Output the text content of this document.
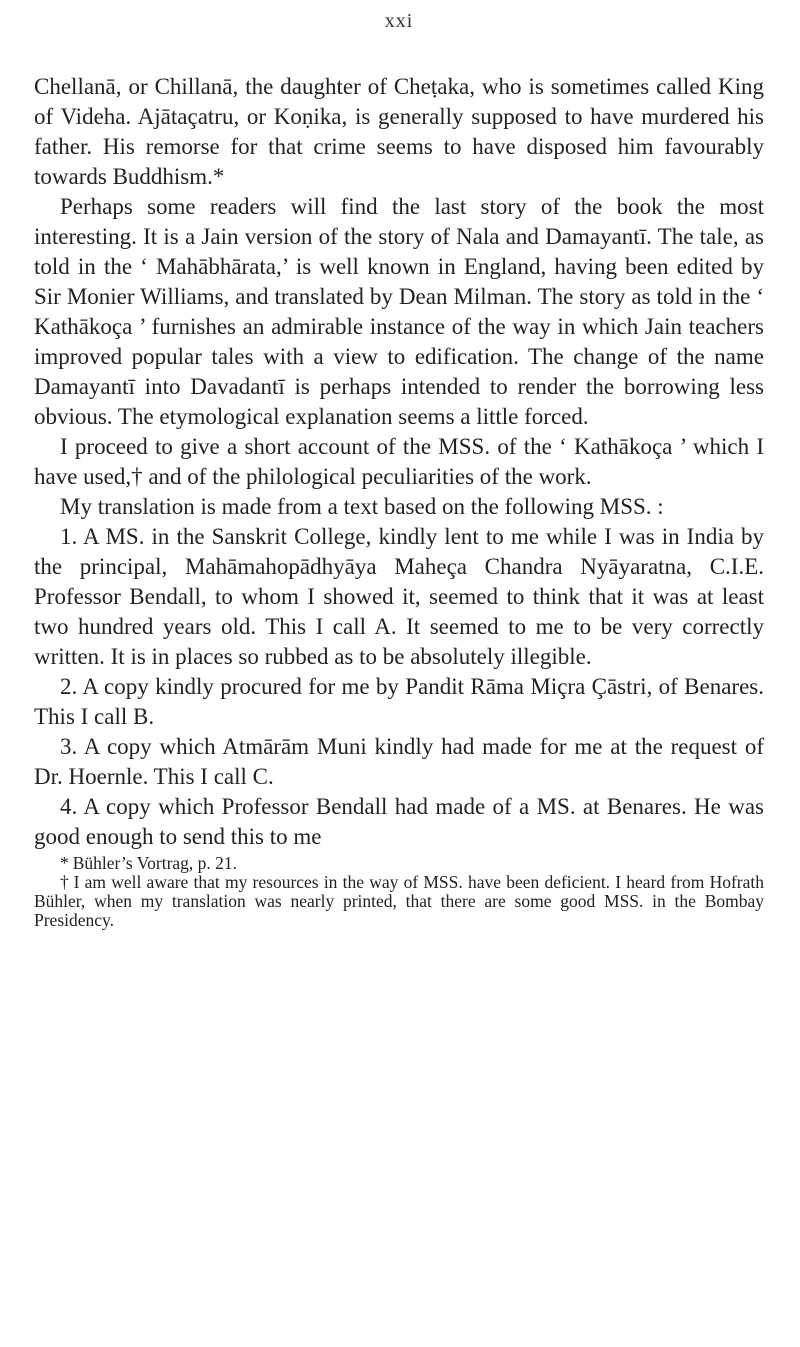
xxi

Chellanā, or Chillanā, the daughter of Cheṭaka, who is sometimes called King of Videha. Ajātaçatru, or Koṇika, is generally supposed to have murdered his father. His remorse for that crime seems to have disposed him favourably towards Buddhism.*

Perhaps some readers will find the last story of the book the most interesting. It is a Jain version of the story of Nala and Damayantī. The tale, as told in the ‘ Mahābhārata,’ is well known in England, having been edited by Sir Monier Williams, and translated by Dean Milman. The story as told in the ‘ Kathākoça ’ furnishes an admirable instance of the way in which Jain teachers improved popular tales with a view to edification. The change of the name Damayantī into Davadantī is perhaps intended to render the borrowing less obvious. The etymological explanation seems a little forced.

I proceed to give a short account of the MSS. of the ‘ Kathākoça ’ which I have used,† and of the philological peculiarities of the work.

My translation is made from a text based on the following MSS. :

1. A MS. in the Sanskrit College, kindly lent to me while I was in India by the principal, Mahāmahopādhyāya Maheça Chandra Nyāyaratna, C.I.E. Professor Bendall, to whom I showed it, seemed to think that it was at least two hundred years old. This I call A. It seemed to me to be very correctly written. It is in places so rubbed as to be absolutely illegible.

2. A copy kindly procured for me by Pandit Rāma Miçra Çāstri, of Benares. This I call B.

3. A copy which Atmārām Muni kindly had made for me at the request of Dr. Hoernle. This I call C.

4. A copy which Professor Bendall had made of a MS. at Benares. He was good enough to send this to me

* Bühler’s Vortrag, p. 21.

† I am well aware that my resources in the way of MSS. have been deficient. I heard from Hofrath Bühler, when my translation was nearly printed, that there are some good MSS. in the Bombay Presidency.
